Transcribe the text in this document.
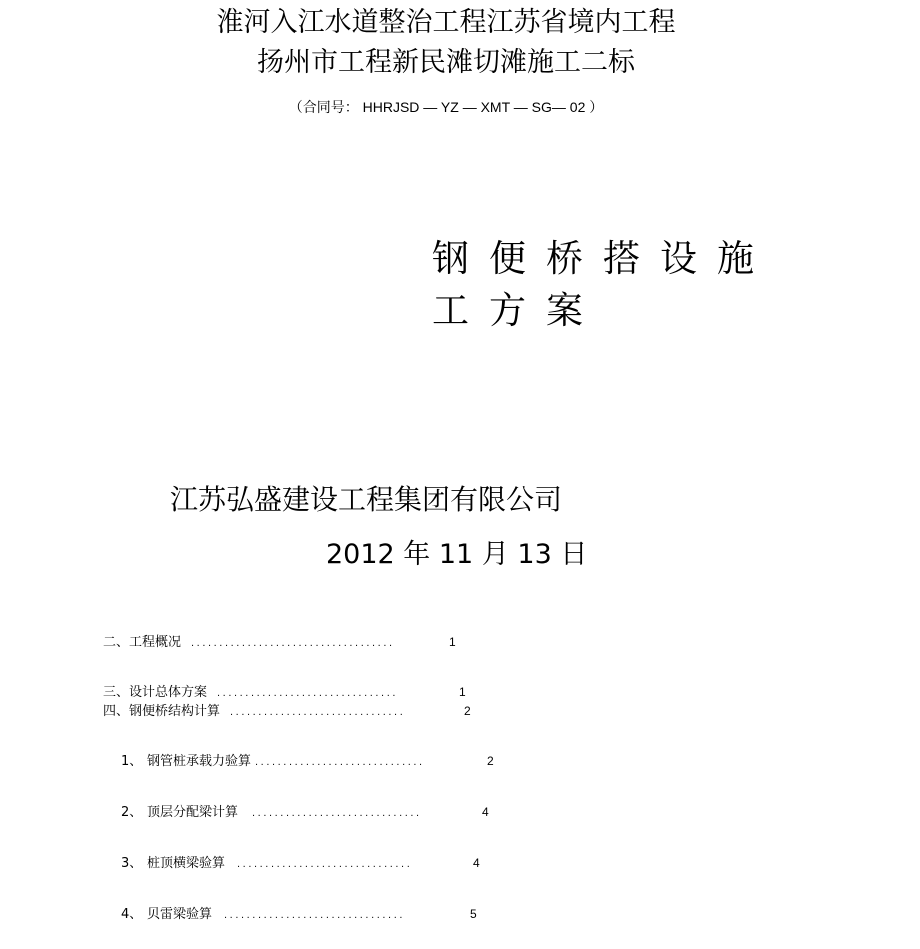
淮河入江水道整治工程江苏省境内工程
扬州市工程新民滩切滩施工二标
（合同号： HHRJSD — YZ — XMT — SG— 02 ）
钢便桥搭设施
工方案
江苏弘盛建设工程集团有限公司
2012 年 11 月 13 日
二、 工程概况 ....................................	1
三、 设计总体方案 ................................	1
四、 钢便桥结构计算 ...............................	2
1、 钢管桩承载力验算 ..............................	2
2、 顶层分配梁计算 ..............................	4
3、 桩顶横梁验算 ...............................	4
4、 贝雷梁验算 ................................	5
